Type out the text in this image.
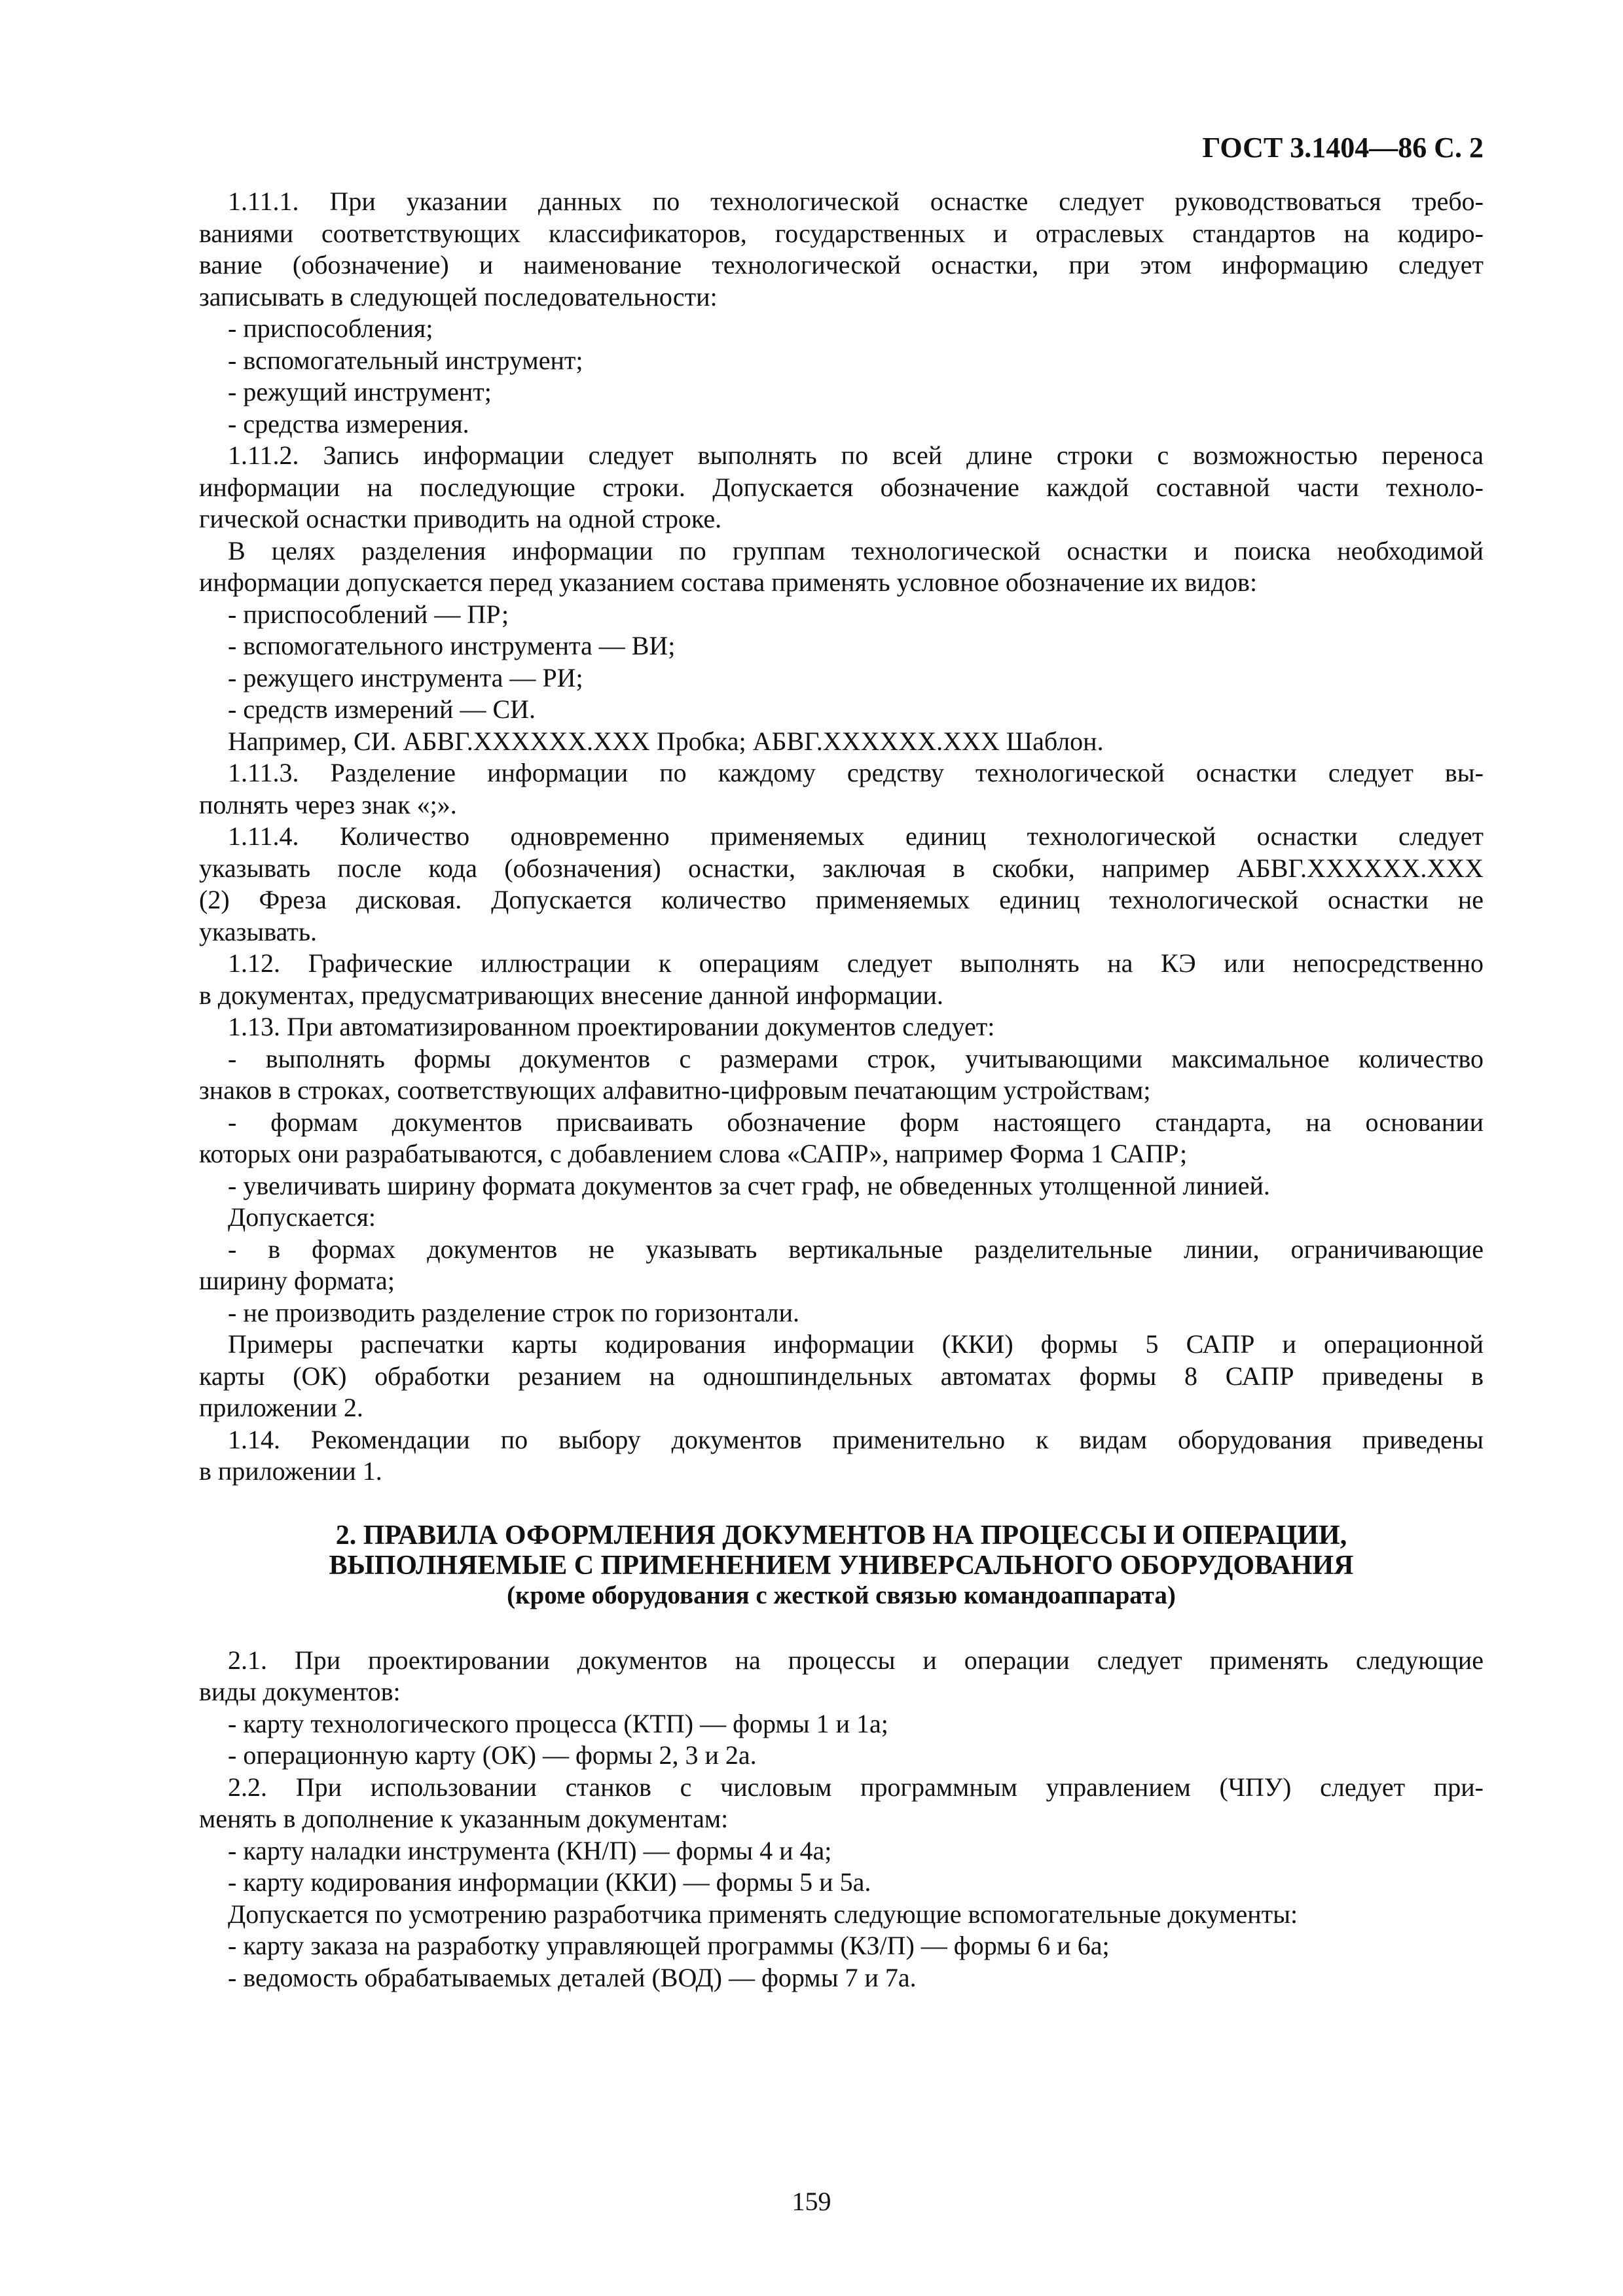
ГОСТ 3.1404—86 С. 2
1.11.1. При указании данных по технологической оснастке следует руководствоваться требо-
ваниями соответствующих классификаторов, государственных и отраслевых стандартов на кодиро-
вание (обозначение) и наименование технологической оснастки, при этом информацию следует
записывать в следующей последовательности:
- приспособления;
- вспомогательный инструмент;
- режущий инструмент;
- средства измерения.
1.11.2. Запись информации следует выполнять по всей длине строки с возможностью переноса
информации на последующие строки. Допускается обозначение каждой составной части техноло-
гической оснастки приводить на одной строке.
В целях разделения информации по группам технологической оснастки и поиска необходимой
информации допускается перед указанием состава применять условное обозначение их видов:
- приспособлений — ПР;
- вспомогательного инструмента — ВИ;
- режущего инструмента — РИ;
- средств измерений — СИ.
Например, СИ. АБВГ.XXXXXX.XXX Пробка; АБВГ.XXXXXX.XXX Шаблон.
1.11.3. Разделение информации по каждому средству технологической оснастки следует вы-
полнять через знак «;».
1.11.4. Количество одновременно применяемых единиц технологической оснастки следует
указывать после кода (обозначения) оснастки, заключая в скобки, например АБВГ.XXXXXX.XXX
(2) Фреза дисковая. Допускается количество применяемых единиц технологической оснастки не
указывать.
1.12. Графические иллюстрации к операциям следует выполнять на КЭ или непосредственно
в документах, предусматривающих внесение данной информации.
1.13. При автоматизированном проектировании документов следует:
- выполнять формы документов с размерами строк, учитывающими максимальное количество
знаков в строках, соответствующих алфавитно-цифровым печатающим устройствам;
- формам документов присваивать обозначение форм настоящего стандарта, на основании
которых они разрабатываются, с добавлением слова «САПР», например Форма 1 САПР;
- увеличивать ширину формата документов за счет граф, не обведенных утолщенной линией.
Допускается:
- в формах документов не указывать вертикальные разделительные линии, ограничивающие
ширину формата;
- не производить разделение строк по горизонтали.
Примеры распечатки карты кодирования информации (ККИ) формы 5 САПР и операционной
карты (ОК) обработки резанием на одношпиндельных автоматах формы 8 САПР приведены в
приложении 2.
1.14. Рекомендации по выбору документов применительно к видам оборудования приведены
в приложении 1.
2. ПРАВИЛА ОФОРМЛЕНИЯ ДОКУМЕНТОВ НА ПРОЦЕССЫ И ОПЕРАЦИИ,
ВЫПОЛНЯЕМЫЕ С ПРИМЕНЕНИЕМ УНИВЕРСАЛЬНОГО ОБОРУДОВАНИЯ
(кроме оборудования с жесткой связью командоаппарата)
2.1. При проектировании документов на процессы и операции следует применять следующие
виды документов:
- карту технологического процесса (КТП) — формы 1 и 1а;
- операционную карту (ОК) — формы 2, 3 и 2а.
2.2. При использовании станков с числовым программным управлением (ЧПУ) следует при-
менять в дополнение к указанным документам:
- карту наладки инструмента (КН/П) — формы 4 и 4а;
- карту кодирования информации (ККИ) — формы 5 и 5а.
Допускается по усмотрению разработчика применять следующие вспомогательные документы:
- карту заказа на разработку управляющей программы (КЗ/П) — формы 6 и 6а;
- ведомость обрабатываемых деталей (ВОД) — формы 7 и 7а.
159
